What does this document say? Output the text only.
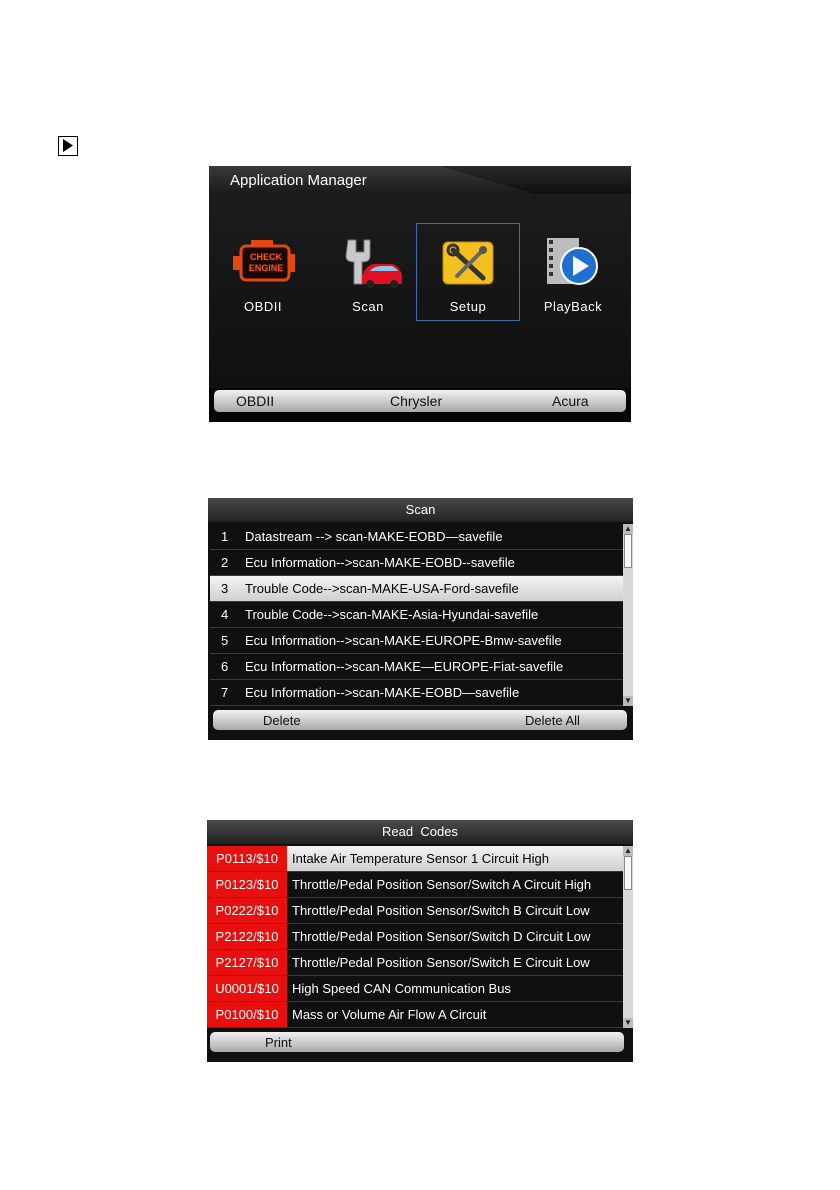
Application Manager
CHECK
ENGINE
OBDII	Scan	Setup	PlayBack
OBDII	Chrysler	Acura
Scan
1 Datastream --> scan-MAKE-EOBD—savefile
2 Ecu Information-->scan-MAKE-EOBD--savefile
3 Trouble Code-->scan-MAKE-USA-Ford-savefile
4 Trouble Code-->scan-MAKE-Asia-Hyundai-savefile
5 Ecu Information-->scan-MAKE-EUROPE-Bmw-savefile
6 Ecu Information-->scan-MAKE—EUROPE-Fiat-savefile
7 Ecu Information-->scan-MAKE-EOBD—savefile
▲
▼
Delete	Delete All
Read  Codes
P0113/$10	Intake Air Temperature Sensor 1 Circuit High
P0123/$10	Throttle/Pedal Position Sensor/Switch A Circuit High
P0222/$10	Throttle/Pedal Position Sensor/Switch B Circuit Low
P2122/$10	Throttle/Pedal Position Sensor/Switch D Circuit Low
P2127/$10	Throttle/Pedal Position Sensor/Switch E Circuit Low
U0001/$10	High Speed CAN Communication Bus
P0100/$10	Mass or Volume Air Flow A Circuit
▲
▼
Print
